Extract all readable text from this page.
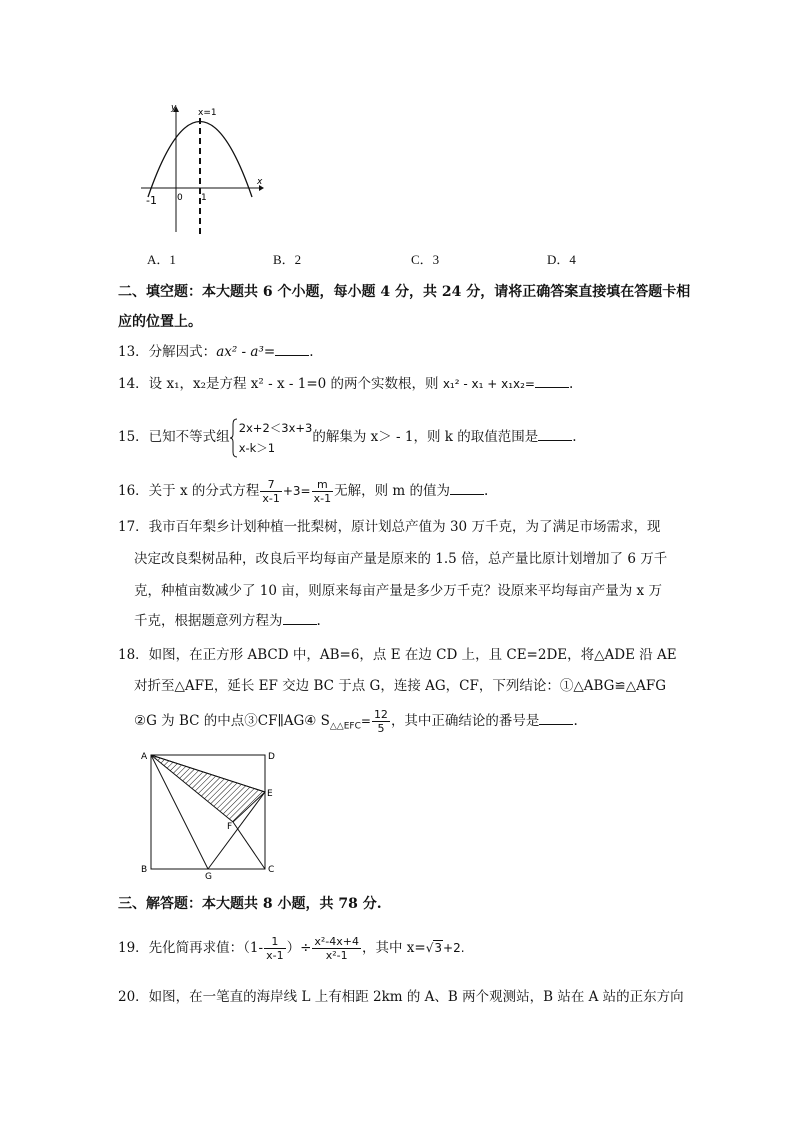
y
x
x=1
0
-1	1
A．1	B．2	C．3	D．4
二、填空题：本大题共 6 个小题，每小题 4 分，共 24 分，请将正确答案直接填在答题卡相
应的位置上。
13．分解因式：ax² - a³=	.
14．设 x₁，x₂是方程 x² - x - 1=0 的两个实数根，则 x₁² - x₁ + x₁x₂=	.
15．已知不等式组
2x+2＜3x+3
x-k＞1
的解集为 x＞ - 1，则 k 的取值范围是	.
16．关于 x 的分式方程 $\frac{7}{x-1} +3= \frac{m}{x-1}$ 无解，则 m 的值为	.
17．我市百年梨乡计划种植一批梨树，原计划总产值为 30 万千克，为了满足市场需求，现
决定改良梨树品种，改良后平均每亩产量是原来的 1.5 倍，总产量比原计划增加了 6 万千
克，种植亩数减少了 10 亩，则原来每亩产量是多少万千克？设原来平均每亩产量为 x 万
千克，根据题意列方程为	.
18．如图，在正方形 ABCD 中，AB=6，点 E 在边 CD 上，且 CE=2DE，将△ADE 沿 AE
对折至△AFE，延长 EF 交边 BC 于点 G，连接 AG，CF，下列结论：①△ABG≌△AFG
②G 为 BC 的中点③CF∥AG④ $S_{\triangle\triangle EFC}= \frac{12}{5}$ ，其中正确结论的番号是	.
A	D
E
F
B
G
C
三、解答题：本大题共 8 小题，共 78 分.
19．先化简再求值：（$1- \frac{1}{x-1}$ ）÷ $\frac{\text{x²-4x+4}}{\text{x²-1}}$ ，其中 x=√3+2.
20．如图，在一笔直的海岸线 L 上有相距 2km 的 A、B 两个观测站，B 站在 A 站的正东方向
